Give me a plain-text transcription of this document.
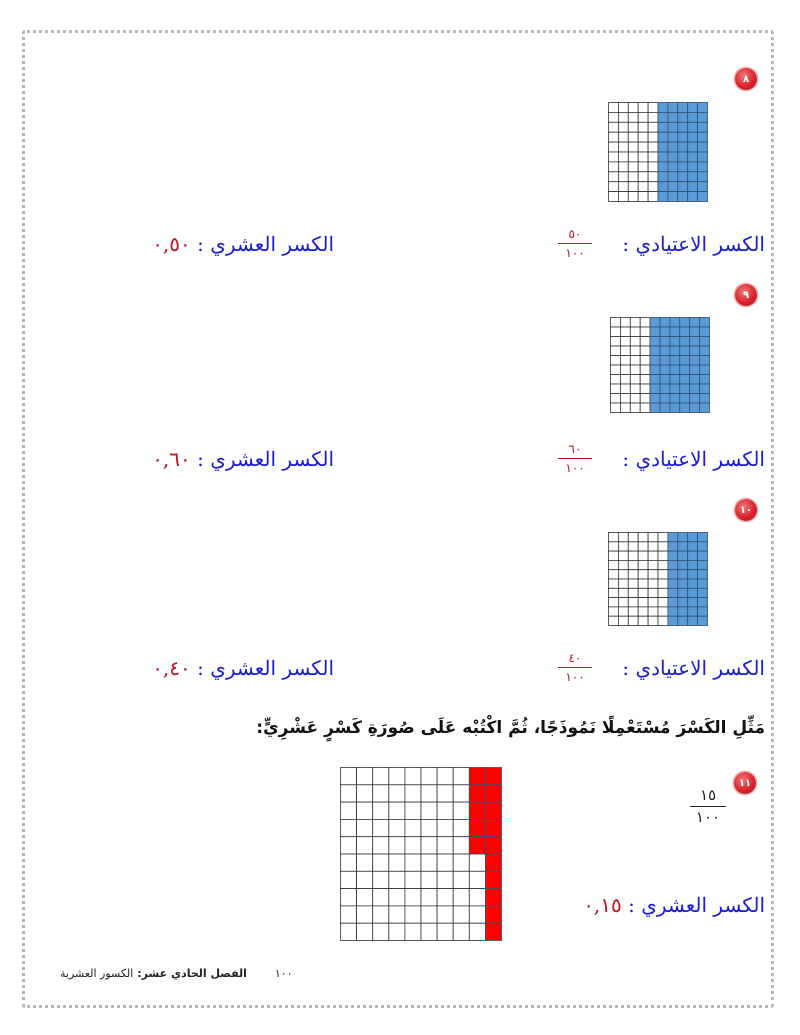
٨
الكسر الاعتيادي :
٥٠
١٠٠
الكسر العشري : ٠,٥٠
٩
الكسر الاعتيادي :
٦٠
١٠٠
الكسر العشري : ٠,٦٠
١٠
الكسر الاعتيادي :
٤٠
١٠٠
الكسر العشري : ٠,٤٠
مَثِّلِ الكَسْرَ مُسْتَعْمِلًا نَمُوذَجًا، ثُمَّ اكْتُبْه عَلَى صُورَةِ كَسْرٍ عَشْرِيٍّ:
١١
١٥
١٠٠
الكسر العشري : ٠,١٥
١٠٠ الفصل الحادي عشر: الكسور العشرية
